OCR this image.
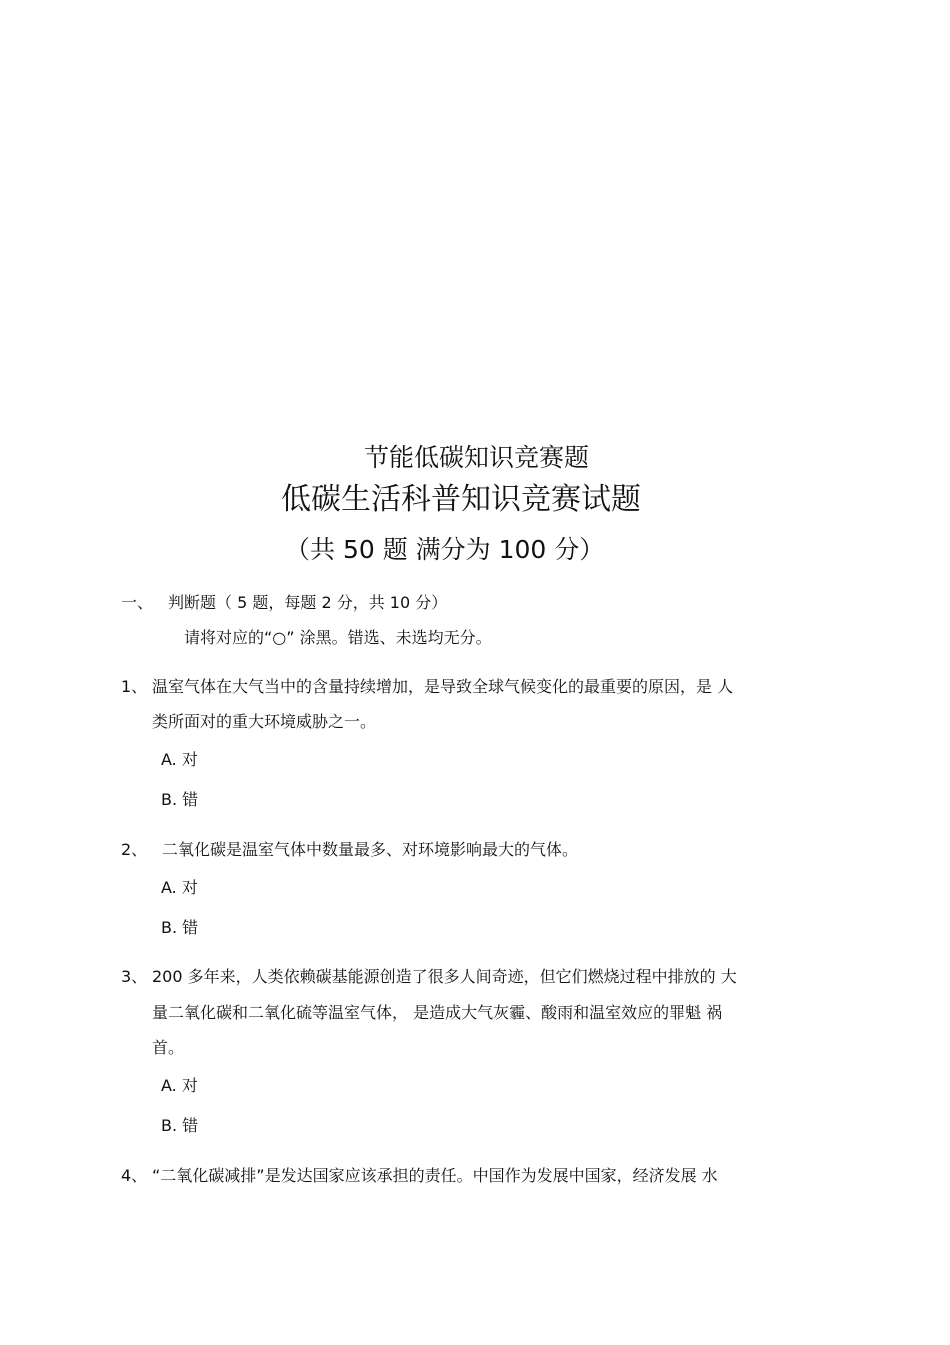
节能低碳知识竞赛题
低碳生活科普知识竞赛试题
（共 50 题 满分为 100 分）
一、 判断题（ 5 题，每题 2 分，共 10 分）
请将对应的“○” 涂黑。错选、未选均无分。
1、 温室气体在大气当中的含量持续增加，是导致全球气候变化的最重要的原因，是 人
类所面对的重大环境威胁之一。
A. 对
B. 错
2、 二氧化碳是温室气体中数量最多、对环境影响最大的气体。
A. 对
B. 错
3、 200 多年来，人类依赖碳基能源创造了很多人间奇迹，但它们燃烧过程中排放的 大
量二氧化碳和二氧化硫等温室气体， 是造成大气灰霾、酸雨和温室效应的罪魁 祸
首。
A. 对
B. 错
4、 “二氧化碳减排”是发达国家应该承担的责任。中国作为发展中国家，经济发展 水
